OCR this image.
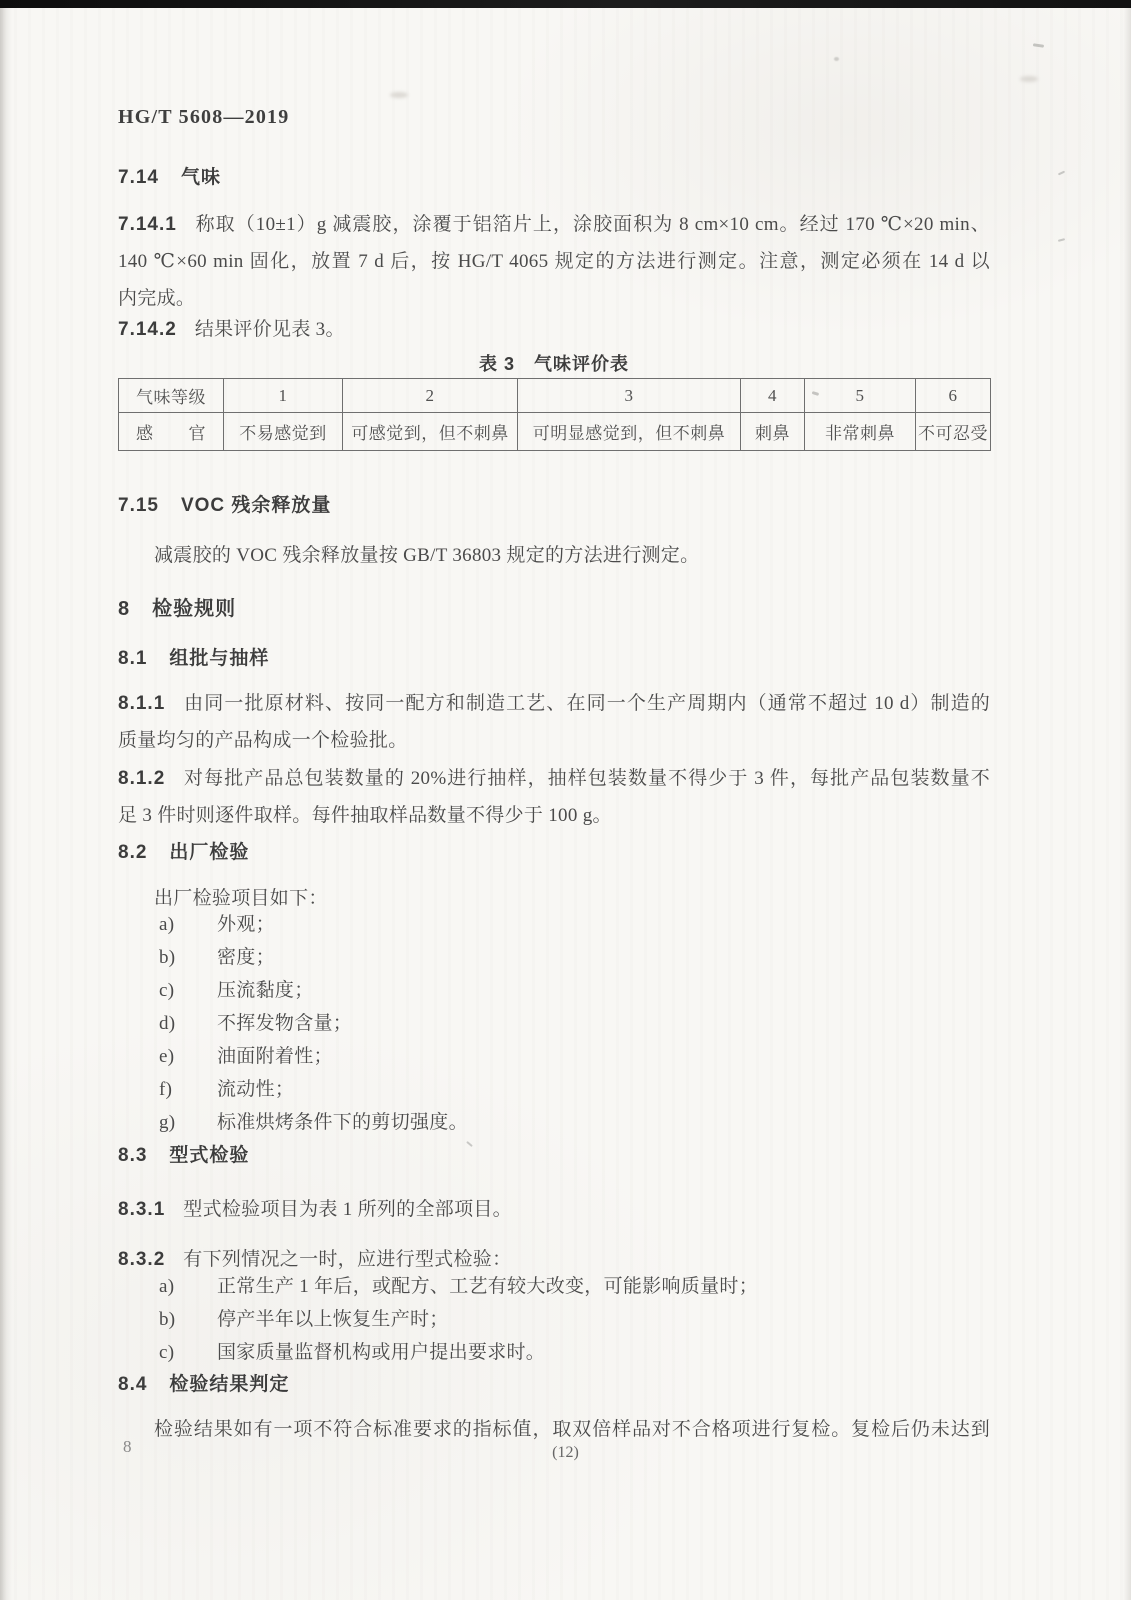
HG/T 5608—2019
7.14 气味
7.14.1 称取（10±1）g 减震胶，涂覆于铝箔片上，涂胶面积为 8 cm×10 cm。经过 170 ℃×20 min、
140 ℃×60 min 固化，放置 7 d 后，按 HG/T 4065 规定的方法进行测定。注意，测定必须在 14 d 以
内完成。
7.14.2 结果评价见表 3。
表 3　气味评价表
气味等级	1	2	3	4	5	6
感　　官	不易感觉到	可感觉到，但不刺鼻	可明显感觉到，但不刺鼻	刺鼻	非常刺鼻	不可忍受
7.15 VOC 残余释放量
减震胶的 VOC 残余释放量按 GB/T 36803 规定的方法进行测定。
8 检验规则
8.1 组批与抽样
8.1.1 由同一批原材料、按同一配方和制造工艺、在同一个生产周期内（通常不超过 10 d）制造的
质量均匀的产品构成一个检验批。
8.1.2 对每批产品总包装数量的 20%进行抽样，抽样包装数量不得少于 3 件，每批产品包装数量不
足 3 件时则逐件取样。每件抽取样品数量不得少于 100 g。
8.2 出厂检验
出厂检验项目如下：
a) 外观；
b) 密度；
c) 压流黏度；
d) 不挥发物含量；
e) 油面附着性；
f) 流动性；
g) 标准烘烤条件下的剪切强度。
8.3 型式检验
8.3.1 型式检验项目为表 1 所列的全部项目。
8.3.2 有下列情况之一时，应进行型式检验：
a) 正常生产 1 年后，或配方、工艺有较大改变，可能影响质量时；
b) 停产半年以上恢复生产时；
c) 国家质量监督机构或用户提出要求时。
8.4 检验结果判定
检验结果如有一项不符合标准要求的指标值，取双倍样品对不合格项进行复检。复检后仍未达到
8	(12)
